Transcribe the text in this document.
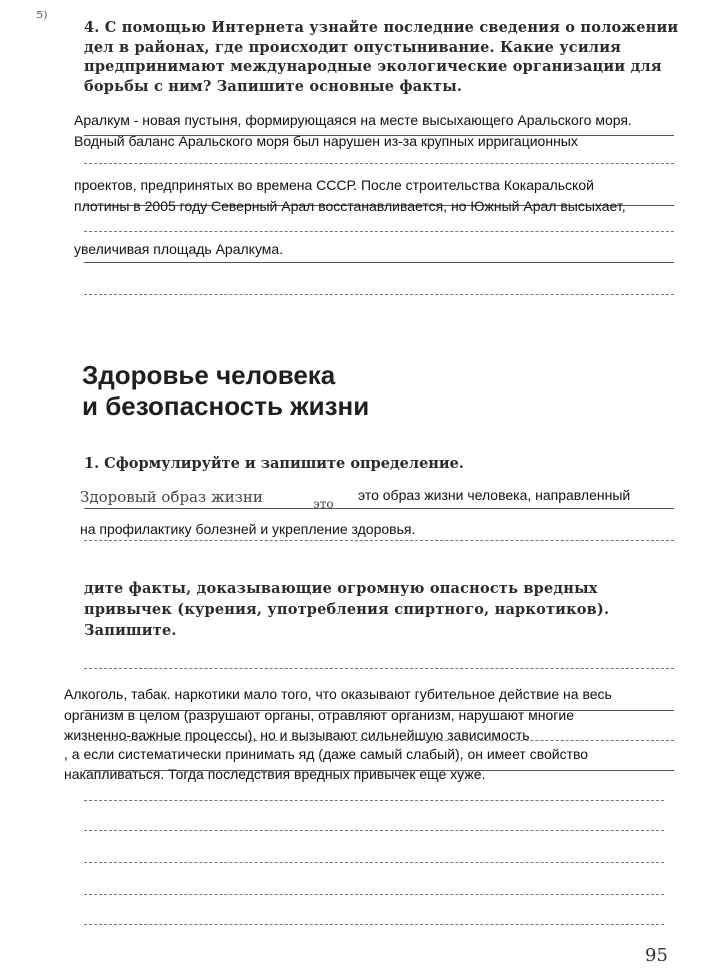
⁵⁾	4. С помощью Интернета узнайте последние сведения о положении дел в районах, где происходит опустынивание. Какие усилия предпринимают международные экологические организации для борьбы с ним? Запишите основные факты.
Аралкум - новая пустыня, формирующаяся на месте высыхающего Аральского моря.
Водный баланс Аральского моря был нарушен из-за крупных ирригационных
проектов, предпринятых во времена СССР. После строительства Кокаральской
плотины в 2005 году Северный Арал восстанавливается, но Южный Арал высыхает,
увеличивая площадь Аралкума.
Здоровье человека
и безопасность жизни
1. Сформулируйте и запишите определение.
Здоровый образ жизни	это
это образ жизни человека, направленный
на профилактику болезней и укрепление здоровья.
дите факты, доказывающие огромную опасность вредных привычек (курения, употребления спиртного, наркотиков). Запишите.
Алкоголь, табак. наркотики мало того, что оказывают губительное действие на весь
организм в целом (разрушают органы, отравляют организм, нарушают многие
жизненно-важные процессы), но и вызывают сильнейшую зависимость
, а если систематически принимать яд (даже самый слабый), он имеет свойство
накапливаться. Тогда последствия вредных привычек еще хуже.
95
